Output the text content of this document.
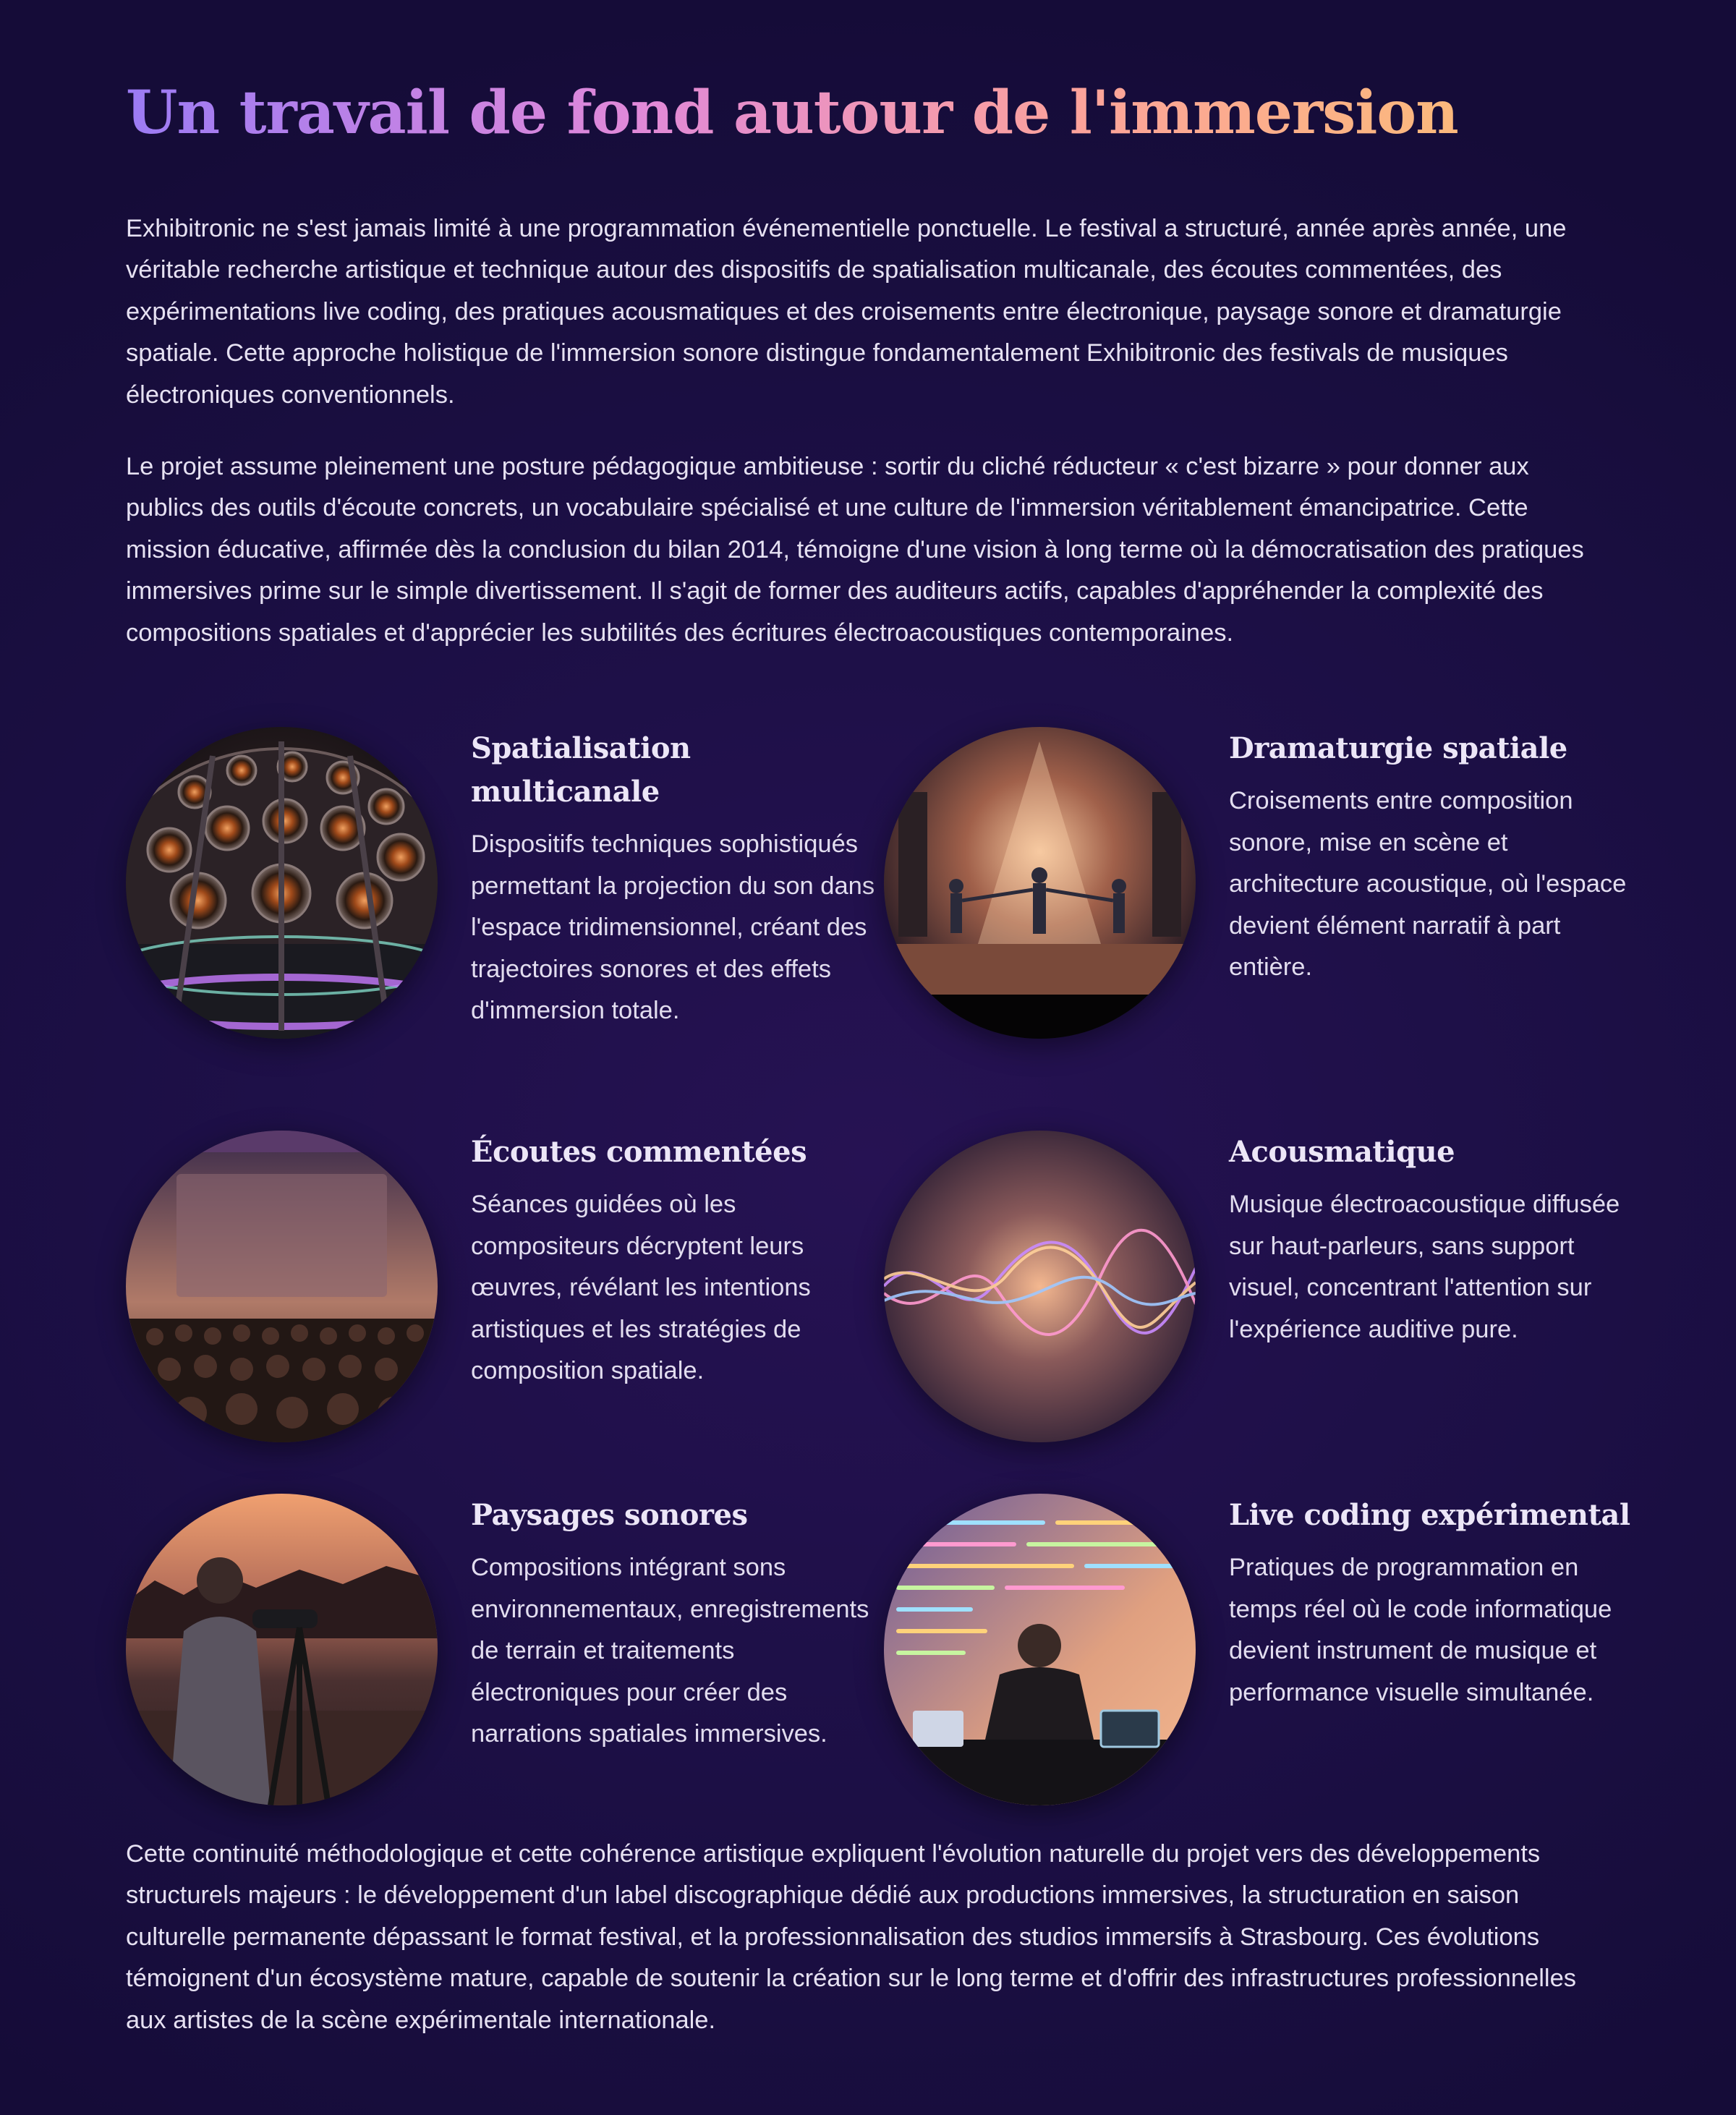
Un travail de fond autour de l'immersion

Exhibitronic ne s'est jamais limité à une programmation événementielle ponctuelle. Le festival a structuré, année après année, une véritable recherche artistique et technique autour des dispositifs de spatialisation multicanale, des écoutes commentées, des expérimentations live coding, des pratiques acousmatiques et des croisements entre électronique, paysage sonore et dramaturgie spatiale. Cette approche holistique de l'immersion sonore distingue fondamentalement Exhibitronic des festivals de musiques électroniques conventionnels.

Le projet assume pleinement une posture pédagogique ambitieuse : sortir du cliché réducteur « c'est bizarre » pour donner aux publics des outils d'écoute concrets, un vocabulaire spécialisé et une culture de l'immersion véritablement émancipatrice. Cette mission éducative, affirmée dès la conclusion du bilan 2014, témoigne d'une vision à long terme où la démocratisation des pratiques immersives prime sur le simple divertissement. Il s'agit de former des auditeurs actifs, capables d'appréhender la complexité des compositions spatiales et d'apprécier les subtilités des écritures électroacoustiques contemporaines.

Spatialisation multicanale

Dispositifs techniques sophistiqués permettant la projection du son dans l'espace tridimensionnel, créant des trajectoires sonores et des effets d'immersion totale.

Dramaturgie spatiale

Croisements entre composition sonore, mise en scène et architecture acoustique, où l'espace devient élément narratif à part entière.

Écoutes commentées

Séances guidées où les compositeurs décryptent leurs œuvres, révélant les intentions artistiques et les stratégies de composition spatiale.

Acousmatique

Musique électroacoustique diffusée sur haut-parleurs, sans support visuel, concentrant l'attention sur l'expérience auditive pure.

Paysages sonores

Compositions intégrant sons environnementaux, enregistrements de terrain et traitements électroniques pour créer des narrations spatiales immersives.

Live coding expérimental

Pratiques de programmation en temps réel où le code informatique devient instrument de musique et performance visuelle simultanée.

Cette continuité méthodologique et cette cohérence artistique expliquent l'évolution naturelle du projet vers des développements structurels majeurs : le développement d'un label discographique dédié aux productions immersives, la structuration en saison culturelle permanente dépassant le format festival, et la professionnalisation des studios immersifs à Strasbourg. Ces évolutions témoignent d'un écosystème mature, capable de soutenir la création sur le long terme et d'offrir des infrastructures professionnelles aux artistes de la scène expérimentale internationale.
